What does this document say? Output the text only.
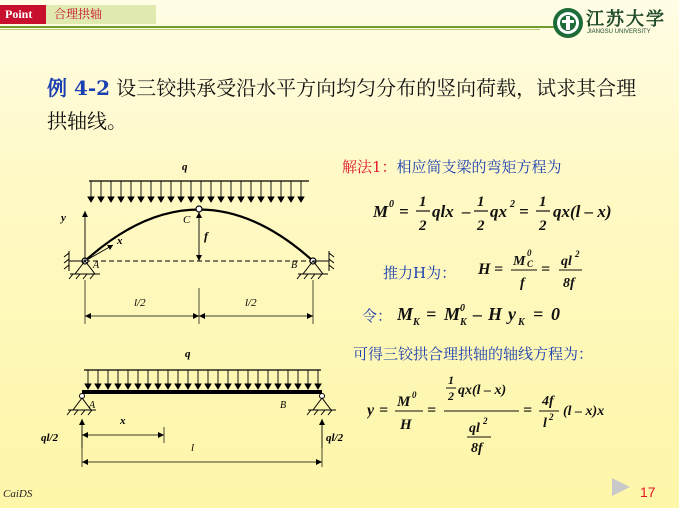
Point	合理拱轴	江苏大学
JIANGSU UNIVERSITY
例 4-2 设三铰拱承受沿水平方向均匀分布的竖向荷载，试求其合理拱轴线。
q
C
f
y
x
A	B
l/2	l/2
q
A	B
ql/2	ql/2
x
l
解法1：相应简支梁的弯矩方程为
M 0 = 1
2
qlx – 1
2
qx 2 = 1
2
qx(l – x)
推力H为： H = M
0
C
f
= ql 2
8f
令： M K = M 0
K – H y K = 0
可得三铰拱合理拱轴的轴线方程为：
y = M 0
H
=
1
2 qx(l – x)
ql 2
8f
=
4f
l 2 (l – x)x
CaiDS	17
